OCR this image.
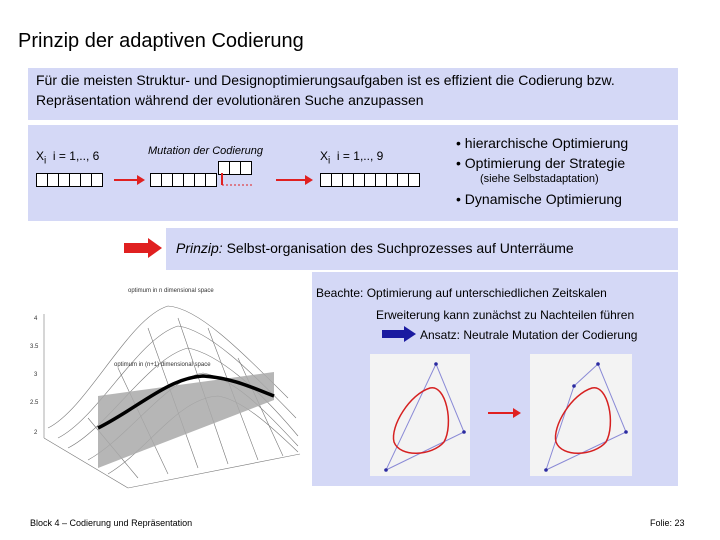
Prinzip der adaptiven Codierung

Für die meisten Struktur- und Designoptimierungsaufgaben ist es effizient die Codierung bzw. Repräsentation während der evolutionären Suche anzupassen

$X_i$ i = 1,.., 6	Mutation der Codierung	$X_i$ i = 1,.., 9
• hierarchische Optimierung
• Optimierung der Strategie
(siehe Selbstadaptation)
• Dynamische Optimierung
Prinzip: Selbst-organisation des Suchprozesses auf Unterräume
optimum in n dimensional space
optimum in (n+1) dimensional space
4
3.5
3
2.5
2
Beachte: Optimierung auf unterschiedlichen Zeitskalen
Erweiterung kann zunächst zu Nachteilen führen
Ansatz: Neutrale Mutation der Codierung
Block 4 – Codierung und Repräsentation	Folie: 23
